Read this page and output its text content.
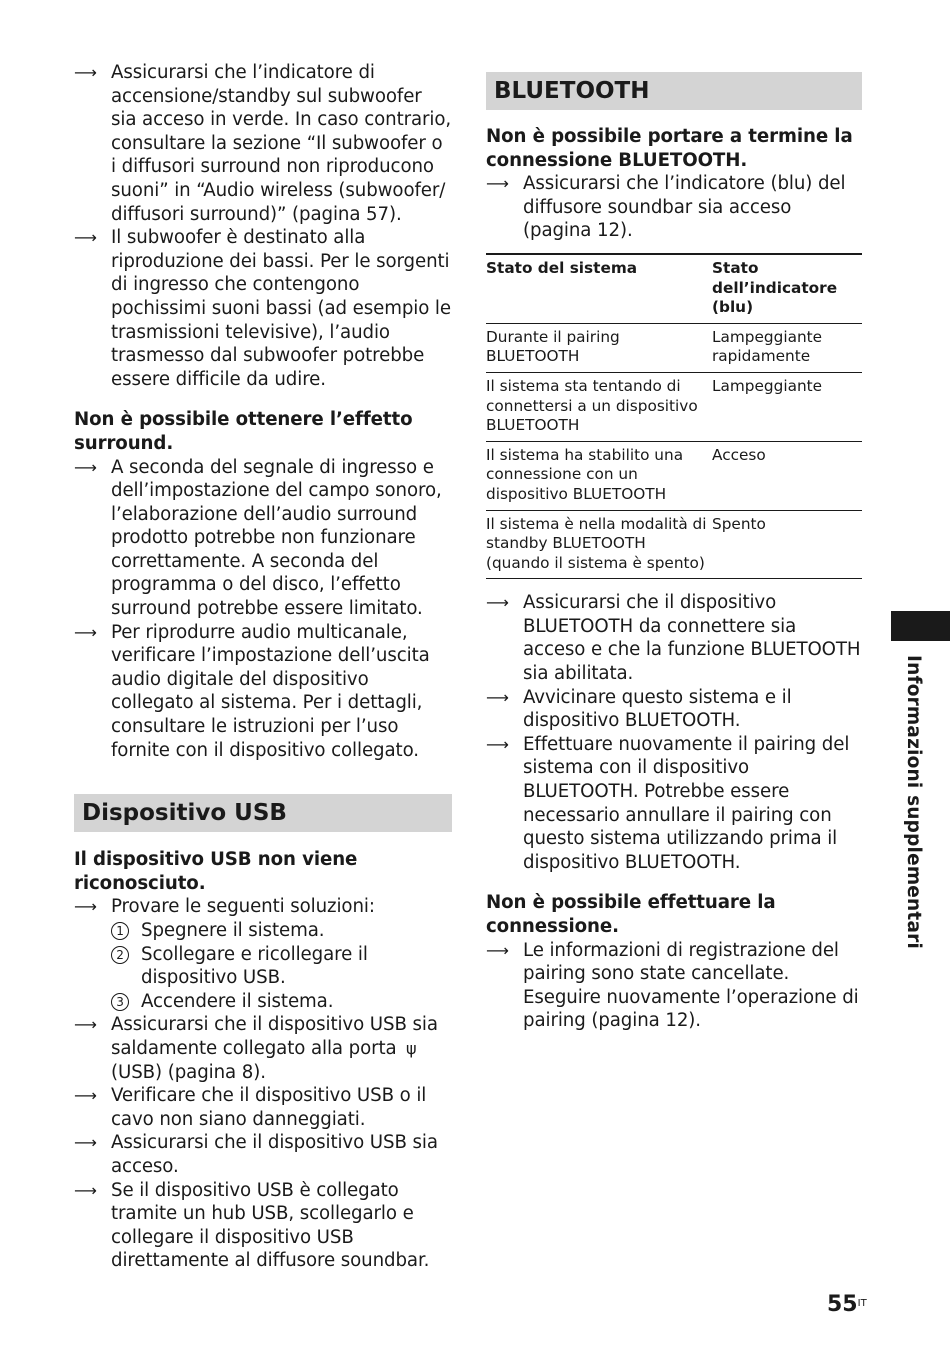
⟶ Assicurarsi che l’indicatore di accensione/standby sul subwoofer sia acceso in verde. In caso contrario, consultare la sezione “Il subwoofer o i diffusori surround non riproducono suoni” in “Audio wireless (subwoofer/ diffusori surround)” (pagina 57).
⟶ Il subwoofer è destinato alla riproduzione dei bassi. Per le sorgenti di ingresso che contengono pochissimi suoni bassi (ad esempio le trasmissioni televisive), l’audio trasmesso dal subwoofer potrebbe essere difficile da udire.
Non è possibile ottenere l’effetto surround.
⟶ A seconda del segnale di ingresso e dell’impostazione del campo sonoro, l’elaborazione dell’audio surround prodotto potrebbe non funzionare correttamente. A seconda del programma o del disco, l’effetto surround potrebbe essere limitato.
⟶ Per riprodurre audio multicanale, verificare l’impostazione dell’uscita audio digitale del dispositivo collegato al sistema. Per i dettagli, consultare le istruzioni per l’uso fornite con il dispositivo collegato.
Dispositivo USB
Il dispositivo USB non viene riconosciuto.
⟶ Provare le seguenti soluzioni:
1 Spegnere il sistema.
2 Scollegare e ricollegare il dispositivo USB.
3 Accendere il sistema.
⟶ Assicurarsi che il dispositivo USB sia saldamente collegato alla porta ψ (USB) (pagina 8).
⟶ Verificare che il dispositivo USB o il cavo non siano danneggiati.
⟶ Assicurarsi che il dispositivo USB sia acceso.
⟶ Se il dispositivo USB è collegato tramite un hub USB, scollegarlo e collegare il dispositivo USB direttamente al diffusore soundbar.
BLUETOOTH
Non è possibile portare a termine la connessione BLUETOOTH.
⟶ Assicurarsi che l’indicatore (blu) del diffusore soundbar sia acceso (pagina 12).
Stato del sistema	Stato dell’indicatore (blu)
Durante il pairing BLUETOOTH	Lampeggiante rapidamente
Il sistema sta tentando di connettersi a un dispositivo BLUETOOTH	Lampeggiante
Il sistema ha stabilito una connessione con un dispositivo BLUETOOTH	Acceso
Il sistema è nella modalità di standby BLUETOOTH (quando il sistema è spento)	Spento
⟶ Assicurarsi che il dispositivo BLUETOOTH da connettere sia acceso e che la funzione BLUETOOTH sia abilitata.
⟶ Avvicinare questo sistema e il dispositivo BLUETOOTH.
⟶ Effettuare nuovamente il pairing del sistema con il dispositivo BLUETOOTH. Potrebbe essere necessario annullare il pairing con questo sistema utilizzando prima il dispositivo BLUETOOTH.
Non è possibile effettuare la connessione.
⟶ Le informazioni di registrazione del pairing sono state cancellate. Eseguire nuovamente l’operazione di pairing (pagina 12).
Informazioni supplementari
$55^{IT}$
